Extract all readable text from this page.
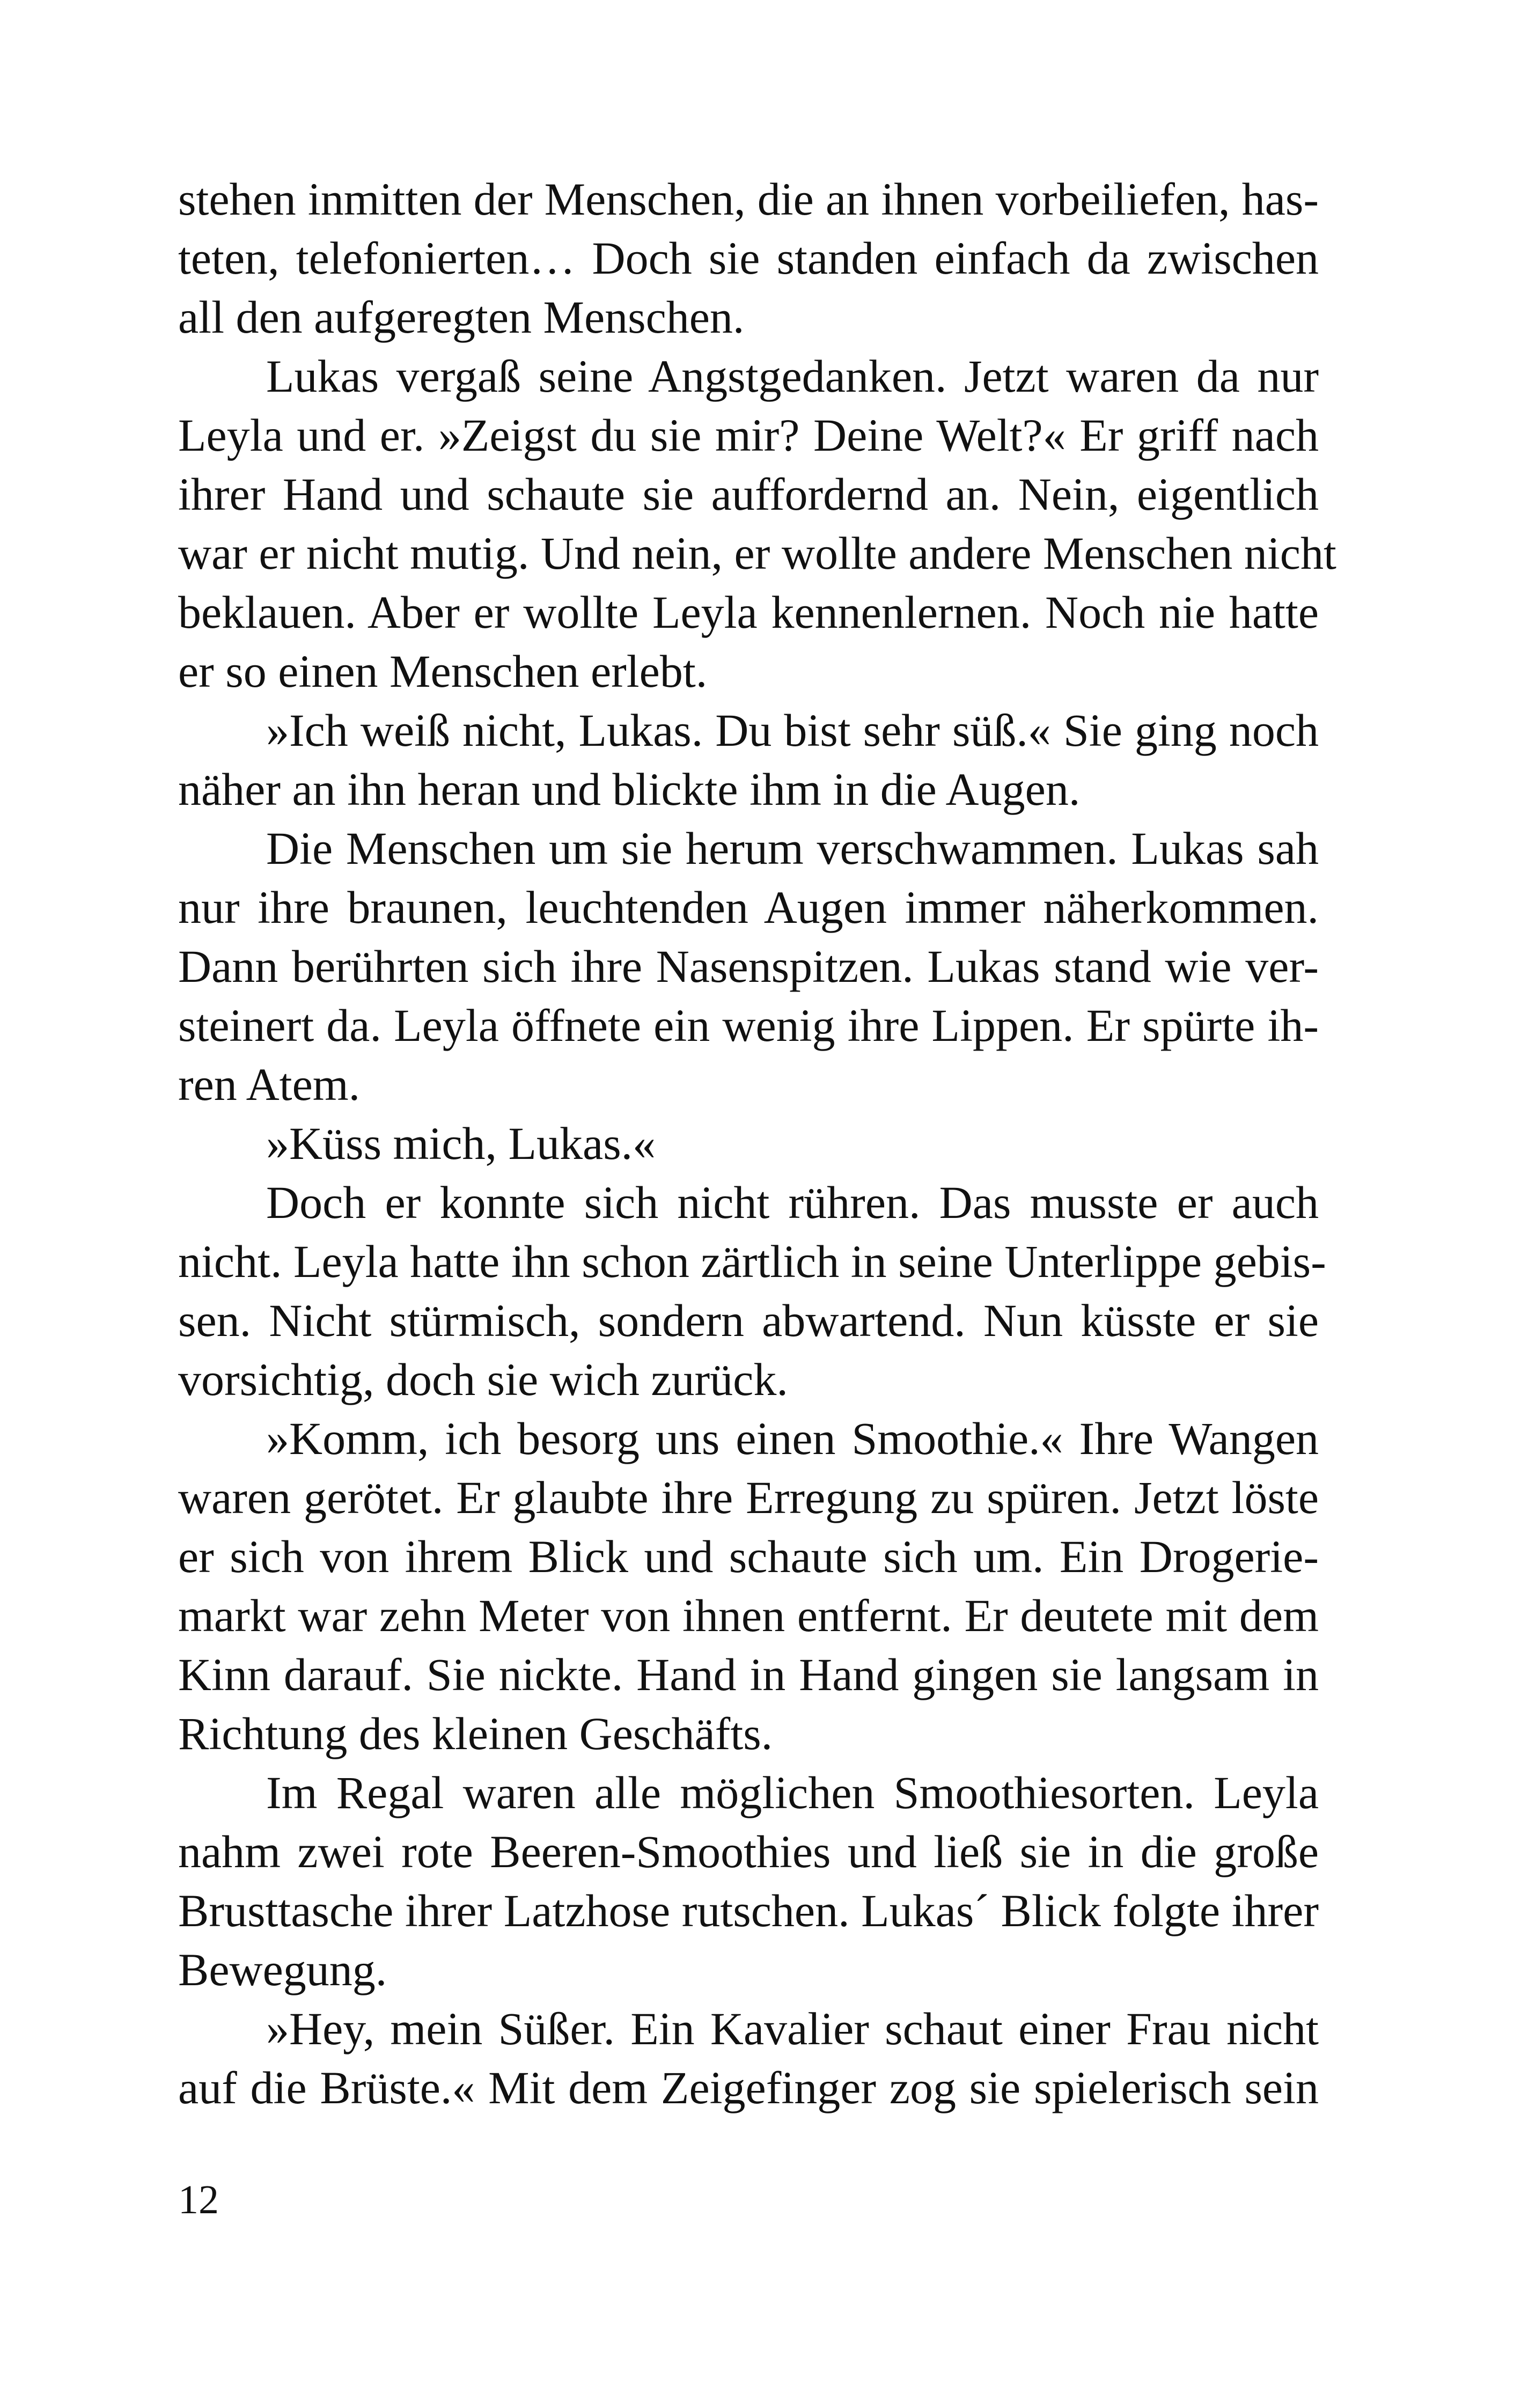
stehen inmitten der Menschen, die an ihnen vorbeiliefen, has-
teten, telefonierten… Doch sie standen einfach da zwischen
all den aufgeregten Menschen.
Lukas vergaß seine Angstgedanken. Jetzt waren da nur
Leyla und er. »Zeigst du sie mir? Deine Welt?« Er griff nach
ihrer Hand und schaute sie auffordernd an. Nein, eigentlich
war er nicht mutig. Und nein, er wollte andere Menschen nicht
beklauen. Aber er wollte Leyla kennenlernen. Noch nie hatte
er so einen Menschen erlebt.
»Ich weiß nicht, Lukas. Du bist sehr süß.« Sie ging noch
näher an ihn heran und blickte ihm in die Augen.
Die Menschen um sie herum verschwammen. Lukas sah
nur ihre braunen, leuchtenden Augen immer näherkommen.
Dann berührten sich ihre Nasenspitzen. Lukas stand wie ver-
steinert da. Leyla öffnete ein wenig ihre Lippen. Er spürte ih-
ren Atem.
»Küss mich, Lukas.«
Doch er konnte sich nicht rühren. Das musste er auch
nicht. Leyla hatte ihn schon zärtlich in seine Unterlippe gebis-
sen. Nicht stürmisch, sondern abwartend. Nun küsste er sie
vorsichtig, doch sie wich zurück.
»Komm, ich besorg uns einen Smoothie.« Ihre Wangen
waren gerötet. Er glaubte ihre Erregung zu spüren. Jetzt löste
er sich von ihrem Blick und schaute sich um. Ein Drogerie-
markt war zehn Meter von ihnen entfernt. Er deutete mit dem
Kinn darauf. Sie nickte. Hand in Hand gingen sie langsam in
Richtung des kleinen Geschäfts.
Im Regal waren alle möglichen Smoothiesorten. Leyla
nahm zwei rote Beeren-Smoothies und ließ sie in die große
Brusttasche ihrer Latzhose rutschen. Lukas´ Blick folgte ihrer
Bewegung.
»Hey, mein Süßer. Ein Kavalier schaut einer Frau nicht
auf die Brüste.« Mit dem Zeigefinger zog sie spielerisch sein
12
